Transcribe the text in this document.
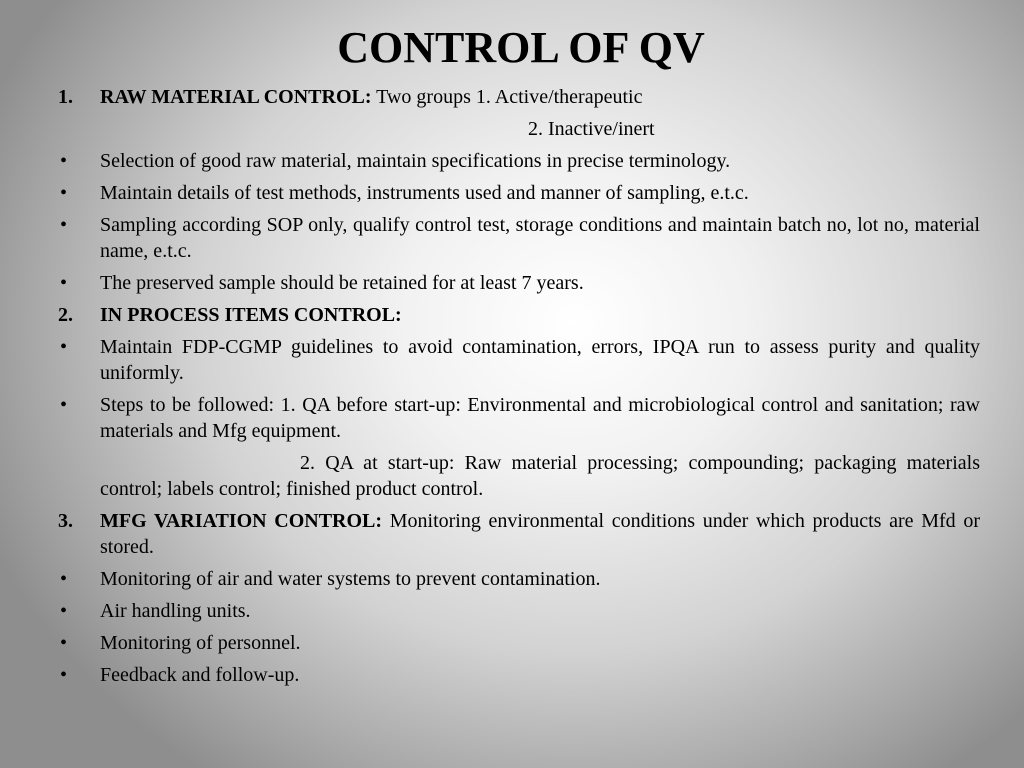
CONTROL OF QV
1. RAW MATERIAL CONTROL: Two groups 1. Active/therapeutic
2. Inactive/inert
• Selection of good raw material, maintain specifications in precise terminology.
• Maintain details of test methods, instruments used and manner of sampling, e.t.c.
• Sampling according SOP only, qualify control test, storage conditions and maintain batch no, lot no, material name, e.t.c.
• The preserved sample should be retained for at least 7 years.
2. IN PROCESS ITEMS CONTROL:
• Maintain FDP-CGMP guidelines to avoid contamination, errors, IPQA run to assess purity and quality uniformly.
• Steps to be followed: 1. QA before start-up: Environmental and microbiological control and sanitation; raw materials and Mfg equipment.
2. QA at start-up: Raw material processing; compounding; packaging materials control; labels control; finished product control.
3. MFG VARIATION CONTROL: Monitoring environmental conditions under which products are Mfd or stored.
• Monitoring of air and water systems to prevent contamination.
• Air handling units.
• Monitoring of personnel.
• Feedback and follow-up.
